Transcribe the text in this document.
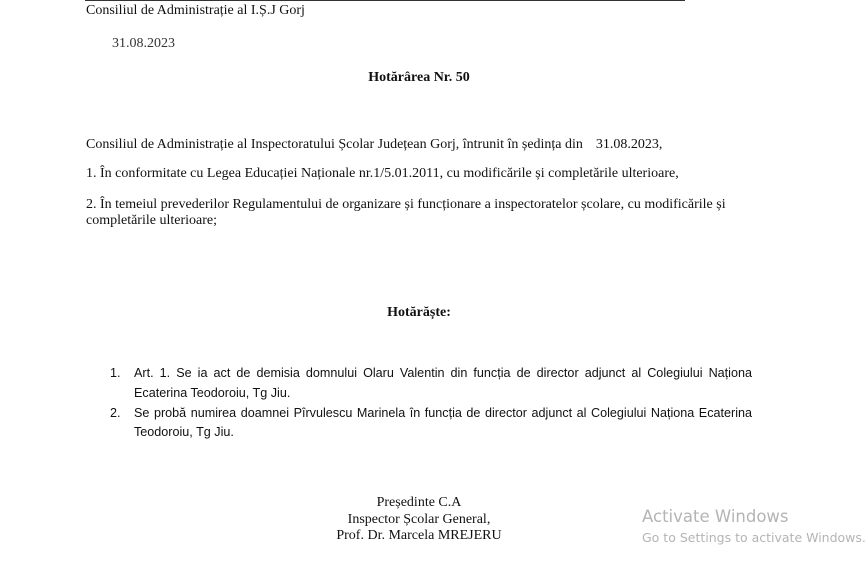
Consiliul de Administrație al I.Ș.J Gorj
31.08.2023
Hotărârea Nr. 50
Consiliul de Administrație al Inspectoratului Școlar Județean Gorj, întrunit în ședința din 31.08.2023,
1. În conformitate cu Legea Educației Naționale nr.1/5.01.2011, cu modificările și completările ulterioare,
2. În temeiul prevederilor Regulamentului de organizare și funcționare a inspectoratelor școlare, cu modificările și completările ulterioare;
Hotărăște:
1. Art. 1. Se ia act de demisia domnului Olaru Valentin din funcția de director adjunct al Colegiului Naționa Ecaterina Teodoroiu, Tg Jiu.
2. Se probă numirea doamnei Pîrvulescu Marinela în funcția de director adjunct al Colegiului Naționa Ecaterina Teodoroiu, Tg Jiu.
Președinte C.A
Inspector Școlar General,
Prof. Dr. Marcela MREJERU
Activate Windows
Go to Settings to activate Windows.
